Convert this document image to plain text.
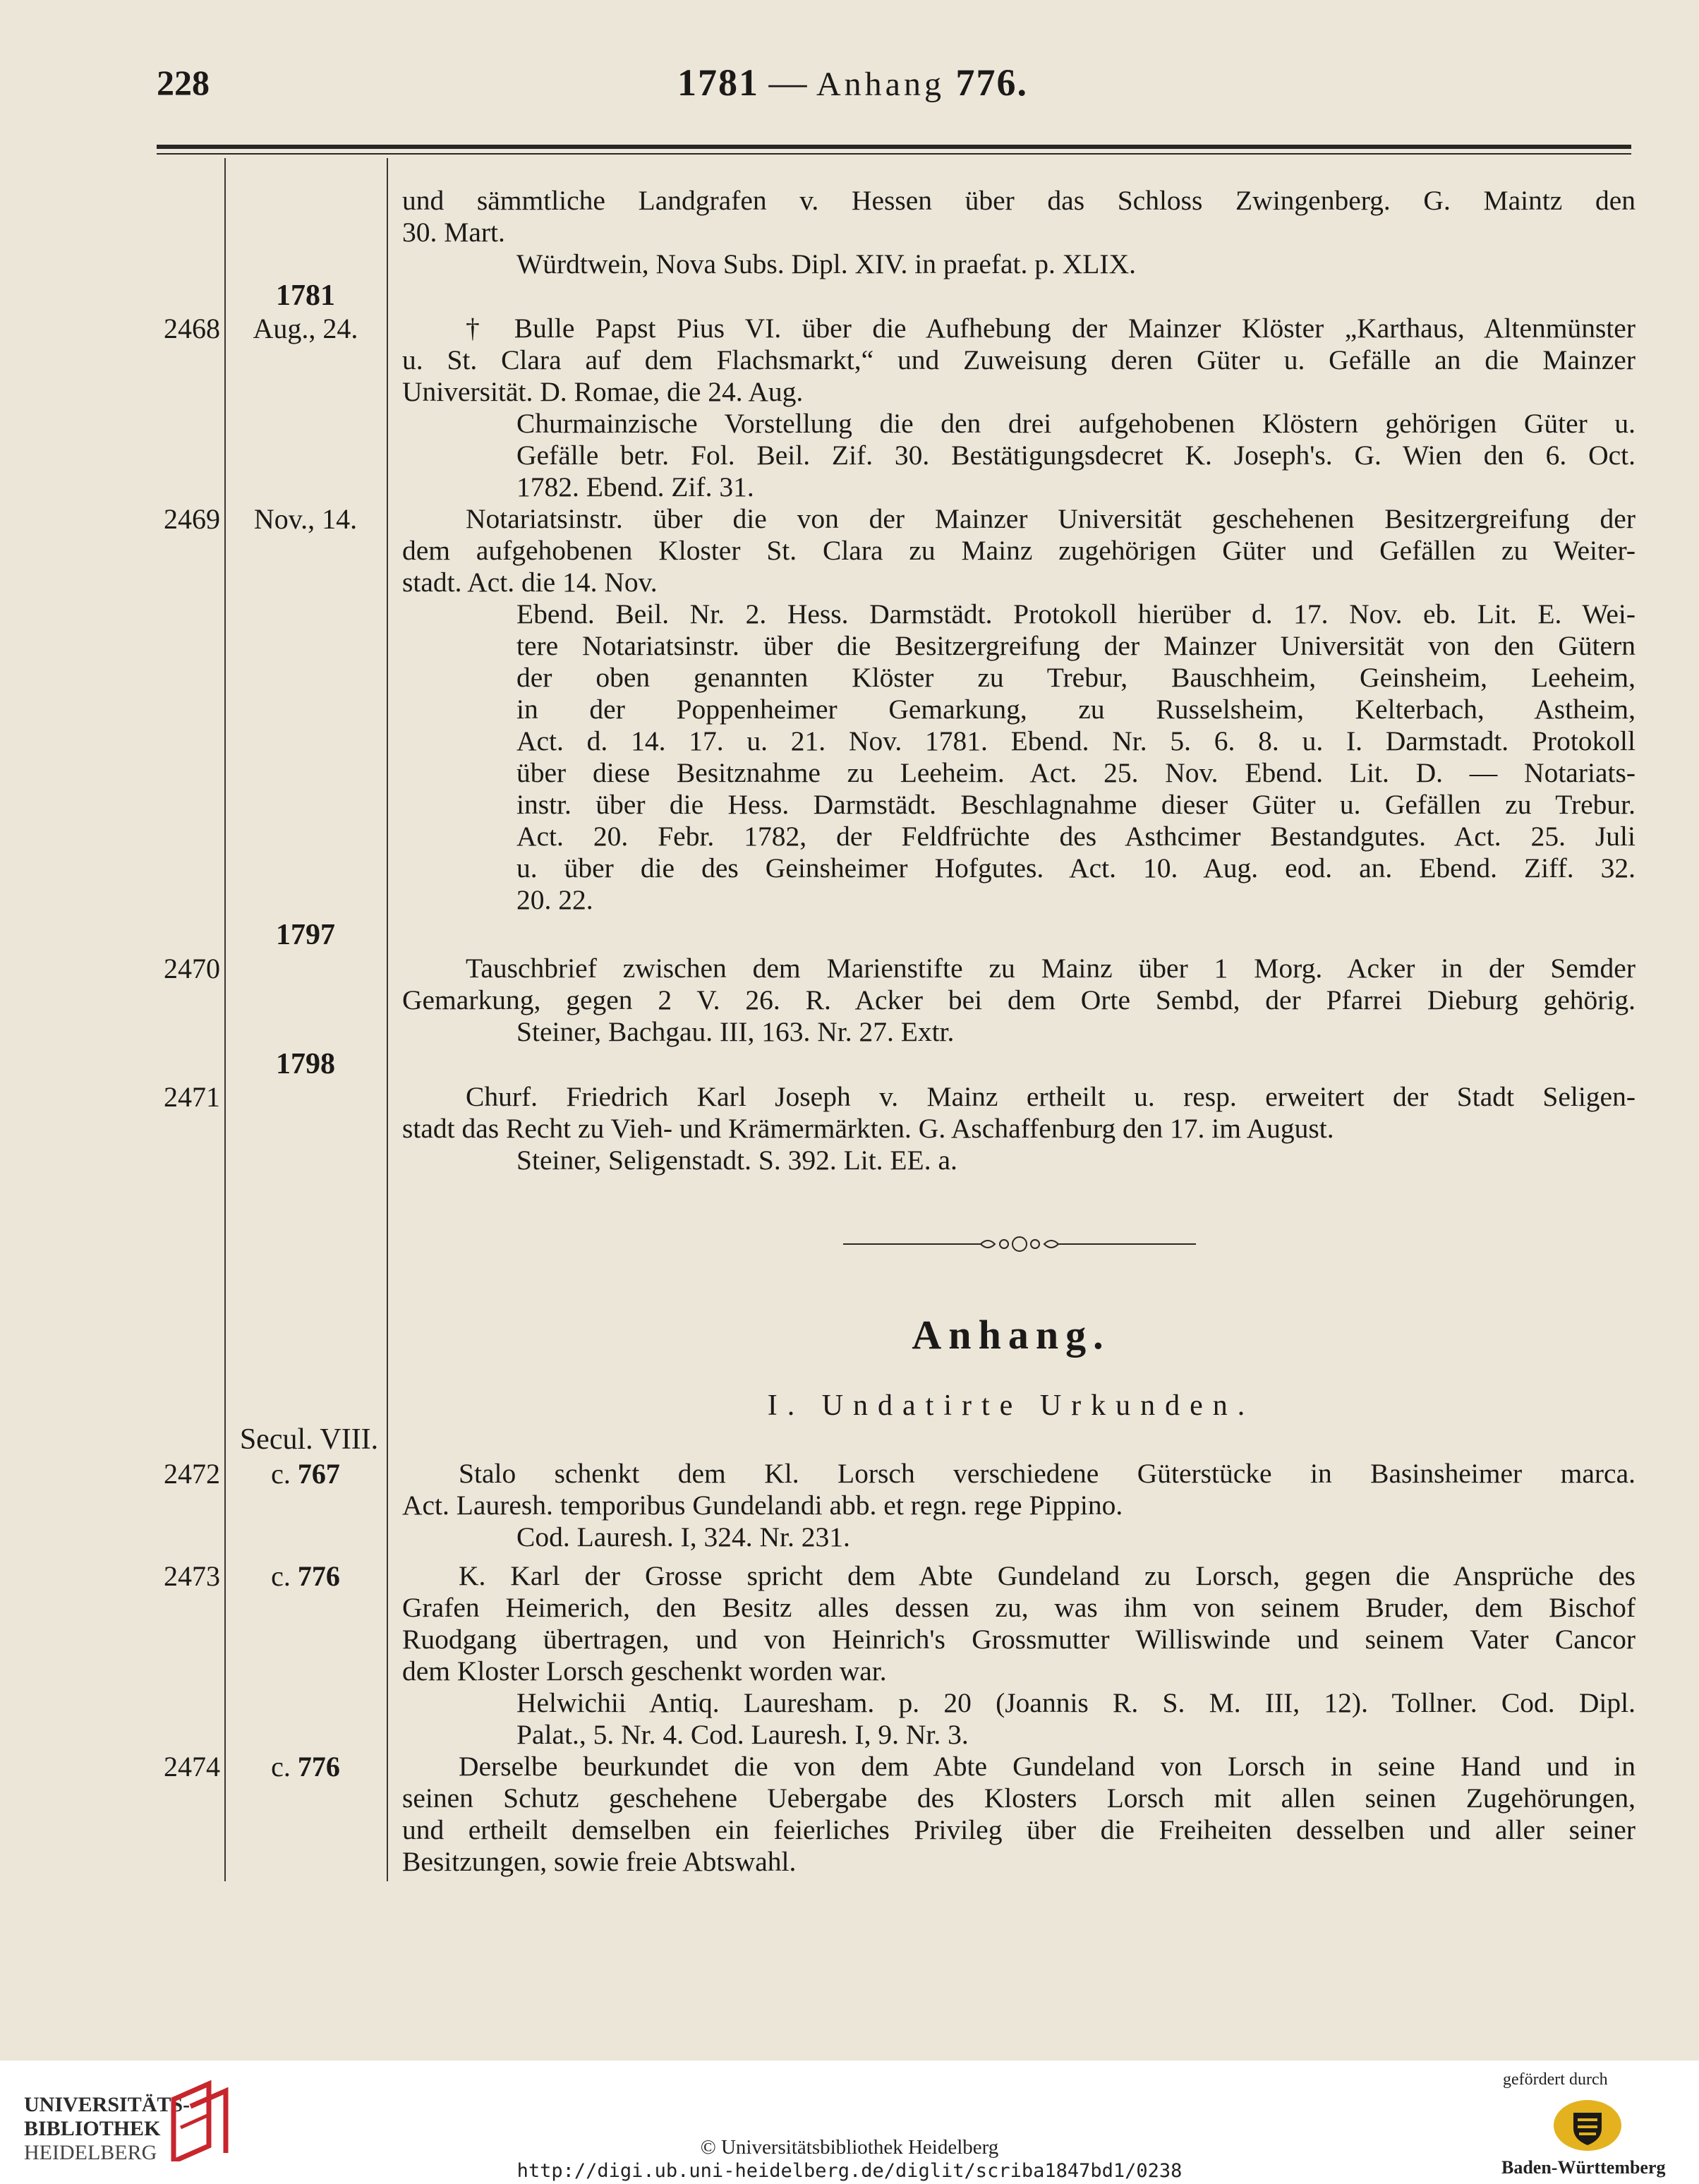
228	1781 — Anhang 776.
und sämmtliche Landgrafen v. Hessen über das Schloss Zwingenberg. G. Maintz den
30. Mart.
Würdtwein, Nova Subs. Dipl. XIV. in praefat. p. XLIX.
1781
2468	Aug., 24.	† Bulle Papst Pius VI. über die Aufhebung der Mainzer Klöster „Karthaus, Altenmünster
u. St. Clara auf dem Flachsmarkt,“ und Zuweisung deren Güter u. Gefälle an die Mainzer
Universität. D. Romae, die 24. Aug.
Churmainzische Vorstellung die den drei aufgehobenen Klöstern gehörigen Güter u.
Gefälle betr. Fol. Beil. Zif. 30. Bestätigungsdecret K. Joseph's. G. Wien den 6. Oct.
1782. Ebend. Zif. 31.
2469	Nov., 14.	Notariatsinstr. über die von der Mainzer Universität geschehenen Besitzergreifung der
dem aufgehobenen Kloster St. Clara zu Mainz zugehörigen Güter und Gefällen zu Weiter-
stadt. Act. die 14. Nov.
Ebend. Beil. Nr. 2. Hess. Darmstädt. Protokoll hierüber d. 17. Nov. eb. Lit. E. Wei-
tere Notariatsinstr. über die Besitzergreifung der Mainzer Universität von den Gütern
der oben genannten Klöster zu Trebur, Bauschheim, Geinsheim, Leeheim,
in der Poppenheimer Gemarkung, zu Russelsheim, Kelterbach, Astheim,
Act. d. 14. 17. u. 21. Nov. 1781. Ebend. Nr. 5. 6. 8. u. I. Darmstadt. Protokoll
über diese Besitznahme zu Leeheim. Act. 25. Nov. Ebend. Lit. D. — Notariats-
instr. über die Hess. Darmstädt. Beschlagnahme dieser Güter u. Gefällen zu Trebur.
Act. 20. Febr. 1782, der Feldfrüchte des Asthcimer Bestandgutes. Act. 25. Juli
u. über die des Geinsheimer Hofgutes. Act. 10. Aug. eod. an. Ebend. Ziff. 32.
20. 22.
1797
2470	Tauschbrief zwischen dem Marienstifte zu Mainz über 1 Morg. Acker in der Semder
Gemarkung, gegen 2 V. 26. R. Acker bei dem Orte Sembd, der Pfarrei Dieburg gehörig.
Steiner, Bachgau. III, 163. Nr. 27. Extr.
1798
2471	Churf. Friedrich Karl Joseph v. Mainz ertheilt u. resp. erweitert der Stadt Seligen-
stadt das Recht zu Vieh- und Krämermärkten. G. Aschaffenburg den 17. im August.
Steiner, Seligenstadt. S. 392. Lit. EE. a.
Anhang.
I. Undatirte Urkunden.
Secul. VIII.
2472	c. 767	Stalo schenkt dem Kl. Lorsch verschiedene Güterstücke in Basinsheimer marca.
Act. Lauresh. temporibus Gundelandi abb. et regn. rege Pippino.
Cod. Lauresh. I, 324. Nr. 231.
2473	c. 776	K. Karl der Grosse spricht dem Abte Gundeland zu Lorsch, gegen die Ansprüche des
Grafen Heimerich, den Besitz alles dessen zu, was ihm von seinem Bruder, dem Bischof
Ruodgang übertragen, und von Heinrich's Grossmutter Williswinde und seinem Vater Cancor
dem Kloster Lorsch geschenkt worden war.
Helwichii Antiq. Lauresham. p. 20 (Joannis R. S. M. III, 12). Tollner. Cod. Dipl.
Palat., 5. Nr. 4. Cod. Lauresh. I, 9. Nr. 3.
2474	c. 776	Derselbe beurkundet die von dem Abte Gundeland von Lorsch in seine Hand und in
seinen Schutz geschehene Uebergabe des Klosters Lorsch mit allen seinen Zugehörungen,
und ertheilt demselben ein feierliches Privileg über die Freiheiten desselben und aller seiner
Besitzungen, sowie freie Abtswahl.
UNIVERSITÄTS-
BIBLIOTHEK
HEIDELBERG	© Universitätsbibliothek Heidelberg
http://digi.ub.uni-heidelberg.de/diglit/scriba1847bd1/0238
gefördert durch
Baden-Württemberg
